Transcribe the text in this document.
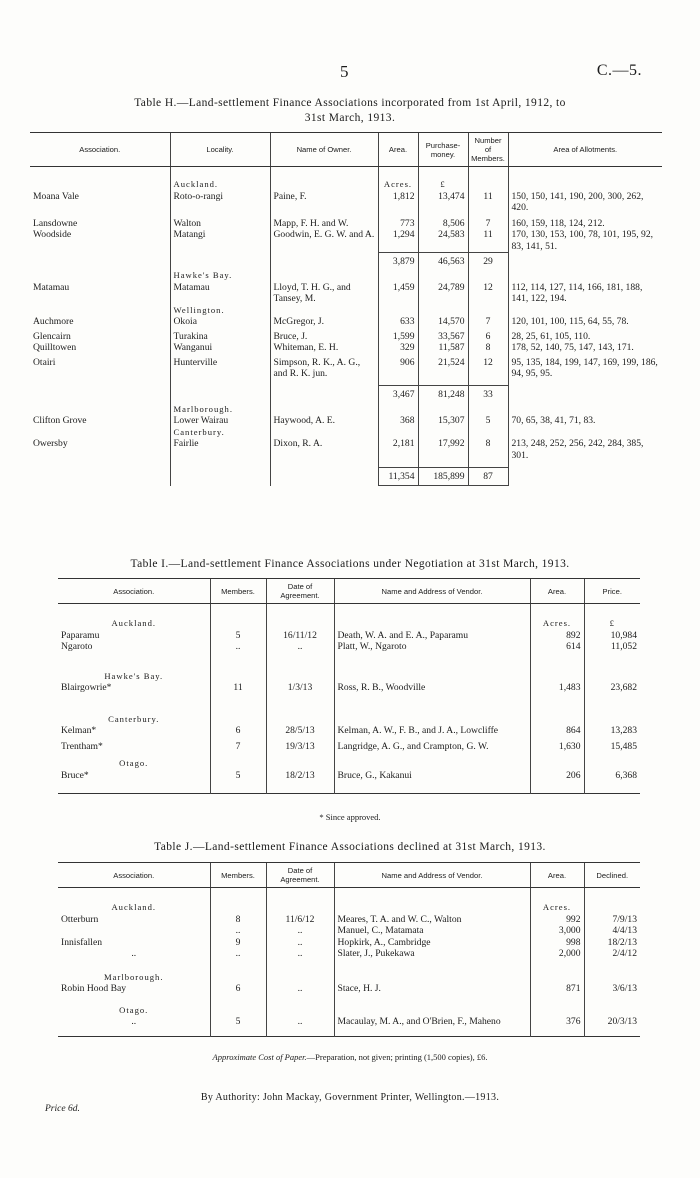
5	C.—5.
Table H.—Land-settlement Finance Associations incorporated from 1st April, 1912, to
31st March, 1913.
Association.	Locality.	Name of Owner.	Area.	Purchase-money.	Number of Members.	Area of Allotments.
	Auckland.		Acres.	£		
Moana Vale	Roto-o-rangi	Paine, F.	1,812	13,474	11	150, 150, 141, 190, 200, 300, 262, 420.
Lansdowne	Walton	Mapp, F. H. and W.	773	8,506	7	160, 159, 118, 124, 212.
Woodside	Matangi	Goodwin, E. G. W. and A.	1,294	24,583	11	170, 130, 153, 100, 78, 101, 195, 92, 83, 141, 51.
			3,879	46,563	29	
	Hawke's Bay.					
Matamau	Matamau	Lloyd, T. H. G., and Tansey, M.	1,459	24,789	12	112, 114, 127, 114, 166, 181, 188, 141, 122, 194.
	Wellington.					
Auchmore	Okoia	McGregor, J.	633	14,570	7	120, 101, 100, 115, 64, 55, 78.
Glencairn	Turakina	Bruce, J.	1,599	33,567	6	28, 25, 61, 105, 110.
Quilltowen	Wanganui	Whiteman, E. H.	329	11,587	8	178, 52, 140, 75, 147, 143, 171.
Otairi	Hunterville	Simpson, R. K., A. G., and R. K. jun.	906	21,524	12	95, 135, 184, 199, 147, 169, 199, 186, 94, 95, 95.
			3,467	81,248	33	
	Marlborough.					
Clifton Grove	Lower Wairau	Haywood, A. E.	368	15,307	5	70, 65, 38, 41, 71, 83.
	Canterbury.					
Owersby	Fairlie	Dixon, R. A.	2,181	17,992	8	213, 248, 252, 256, 242, 284, 385, 301.
			11,354	185,899	87	
Table I.—Land-settlement Finance Associations under Negotiation at 31st March, 1913.
Association.	Members.	Date of Agreement.	Name and Address of Vendor.	Area.	Price.
Auckland.				Acres.	£
Paparamu	5	16/11/12	Death, W. A. and E. A., Paparamu	892	10,984
Ngaroto	..	..	Platt, W., Ngaroto	614	11,052
Hawke's Bay.					
Blairgowrie*	11	1/3/13	Ross, R. B., Woodville	1,483	23,682
Canterbury.					
Kelman*	6	28/5/13	Kelman, A. W., F. B., and J. A., Lowcliffe	864	13,283
Trentham*	7	19/3/13	Langridge, A. G., and Crampton, G. W.	1,630	15,485
Otago.					
Bruce*	5	18/2/13	Bruce, G., Kakanui	206	6,368

* Since approved.
Table J.—Land-settlement Finance Associations declined at 31st March, 1913.
Association.	Members.	Date of Agreement.	Name and Address of Vendor.	Area.	Declined.
Auckland.				Acres.	
Otterburn	8	11/6/12	Meares, T. A. and W. C., Walton	992	7/9/13
	..	..	Manuel, C., Matamata	3,000	4/4/13
Innisfallen	9	..	Hopkirk, A., Cambridge	998	18/2/13
..	..	..	Slater, J., Pukekawa	2,000	2/4/12
Marlborough.					
Robin Hood Bay	6	..	Stace, H. J.	871	3/6/13
Otago.					
..	5	..	Macaulay, M. A., and O'Brien, F., Maheno	376	20/3/13

Approximate Cost of Paper.—Preparation, not given; printing (1,500 copies), £6.
By Authority: John Mackay, Government Printer, Wellington.—1913.
Price 6d.
